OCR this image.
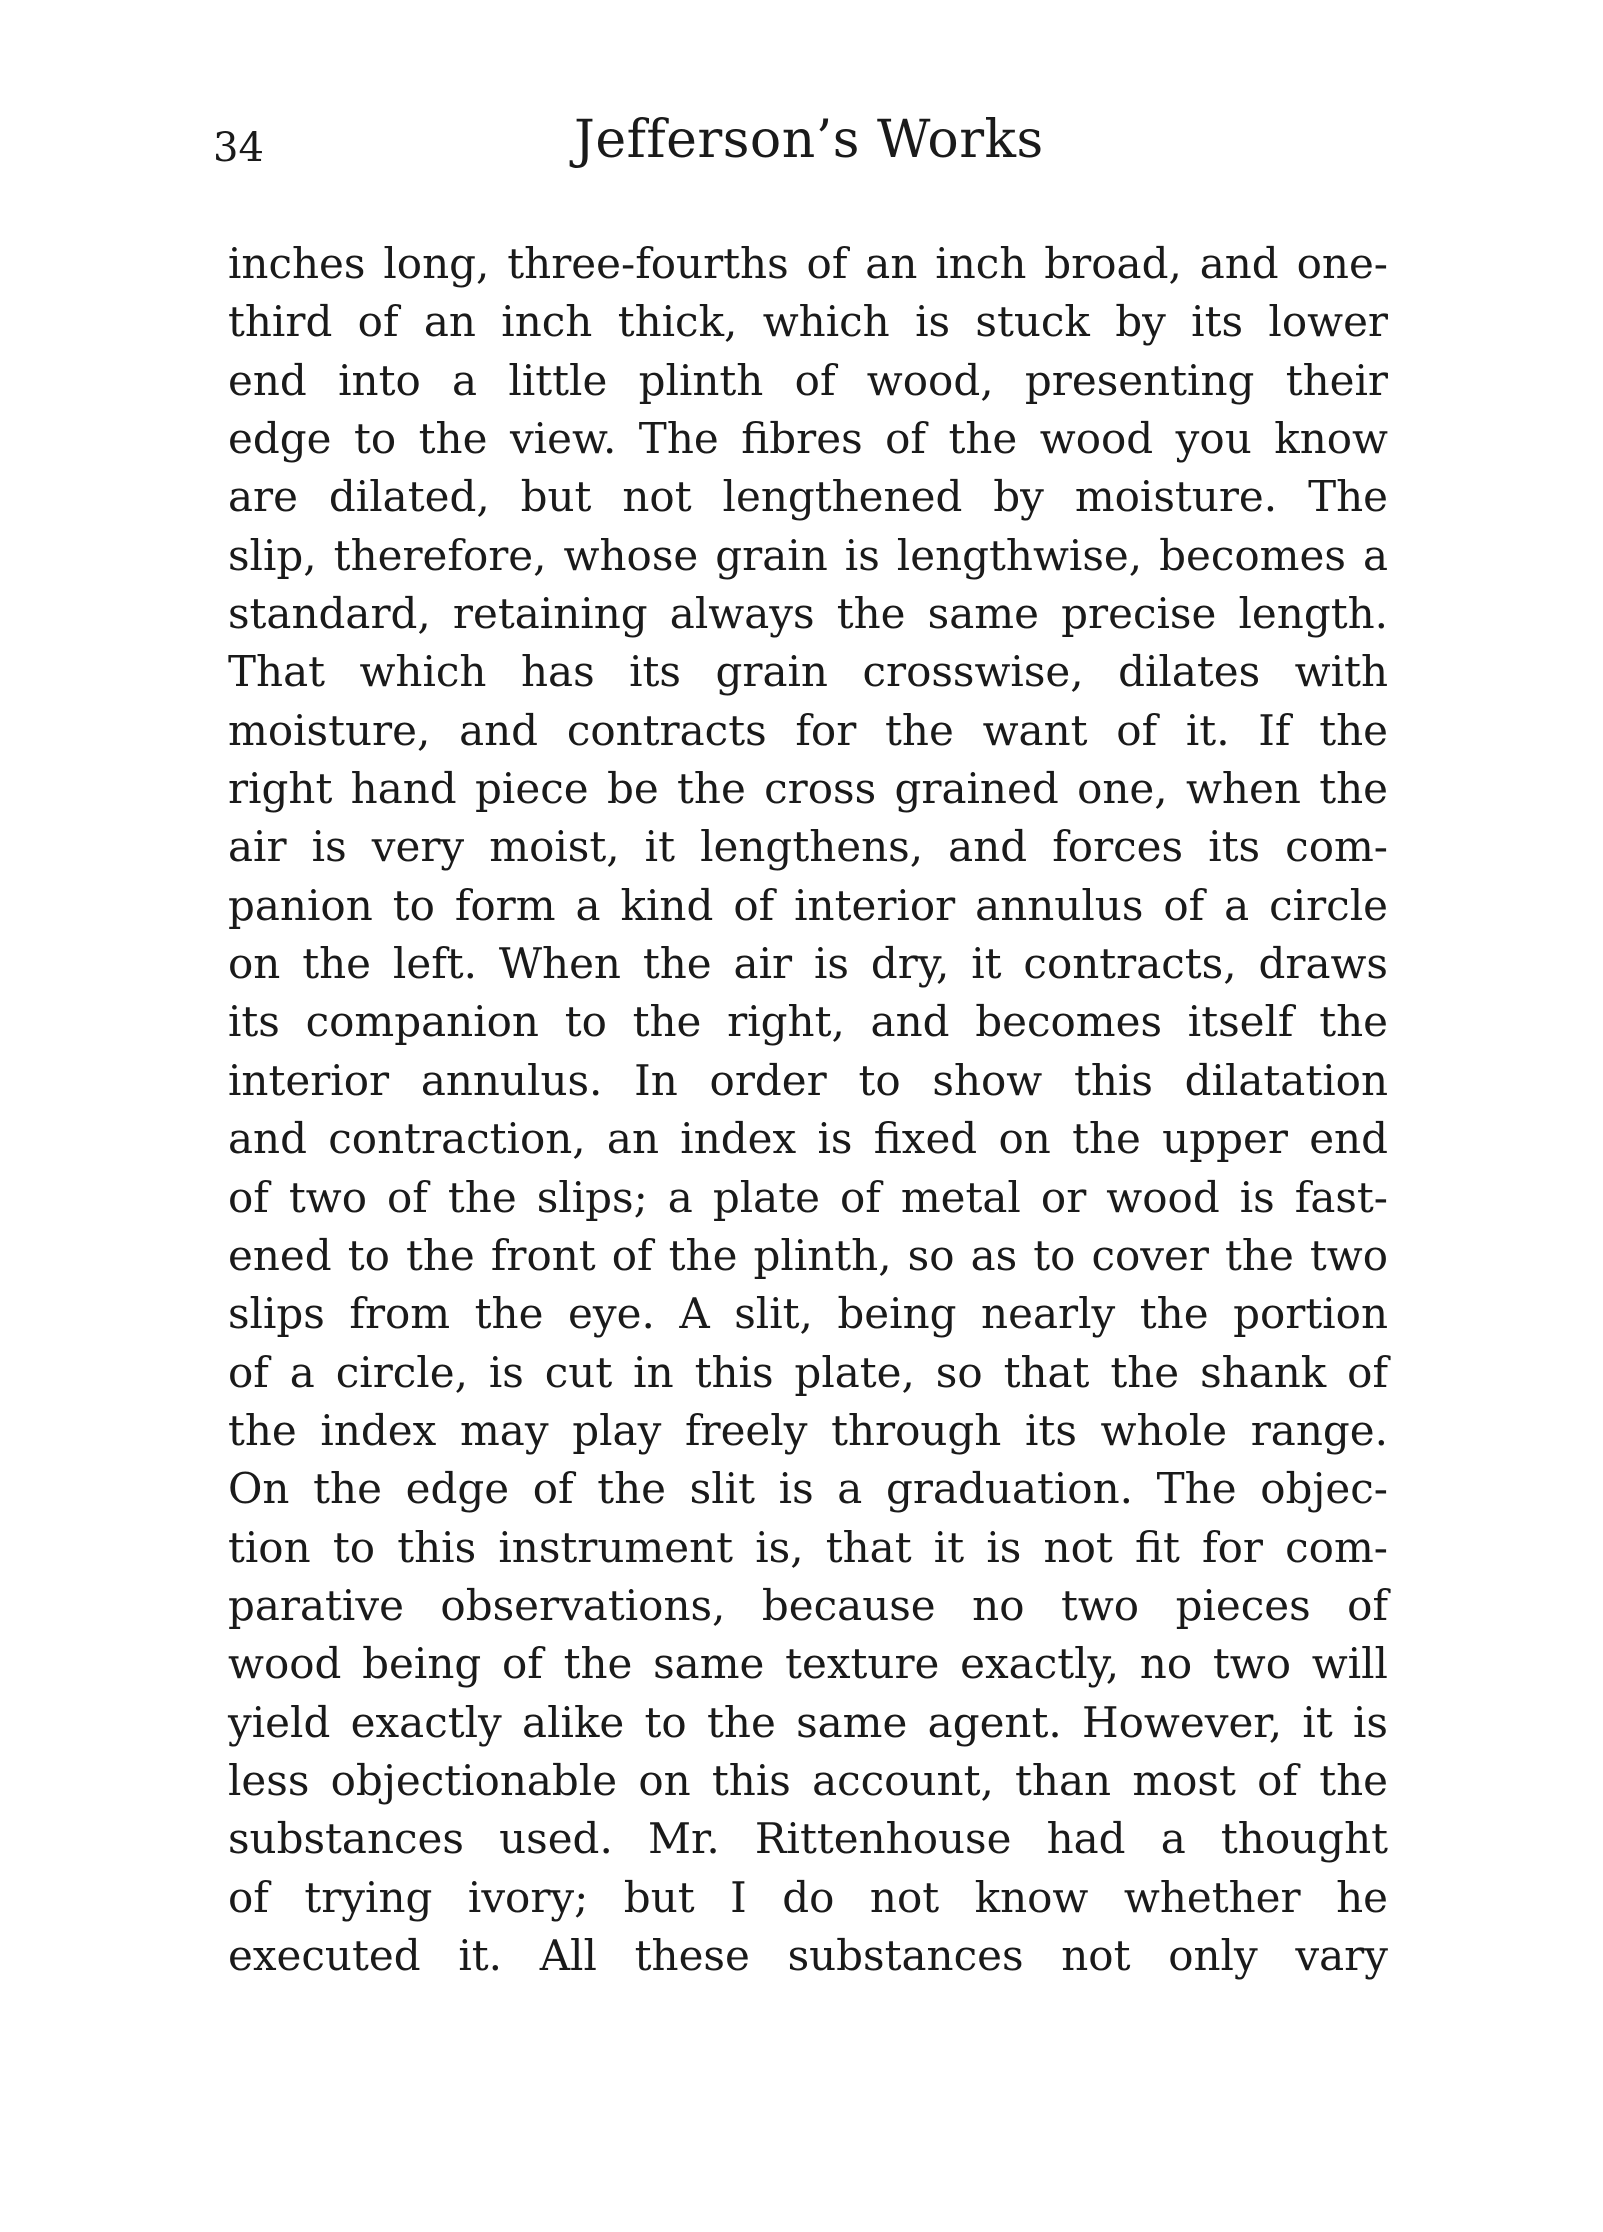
34	Jefferson’s Works
inches long, three-fourths of an inch broad, and one-
third of an inch thick, which is stuck by its lower
end into a little plinth of wood, presenting their
edge to the view. The fibres of the wood you know
are dilated, but not lengthened by moisture. The
slip, therefore, whose grain is lengthwise, becomes a
standard, retaining always the same precise length.
That which has its grain crosswise, dilates with
moisture, and contracts for the want of it. If the
right hand piece be the cross grained one, when the
air is very moist, it lengthens, and forces its com-
panion to form a kind of interior annulus of a circle
on the left. When the air is dry, it contracts, draws
its companion to the right, and becomes itself the
interior annulus. In order to show this dilatation
and contraction, an index is fixed on the upper end
of two of the slips; a plate of metal or wood is fast-
ened to the front of the plinth, so as to cover the two
slips from the eye. A slit, being nearly the portion
of a circle, is cut in this plate, so that the shank of
the index may play freely through its whole range.
On the edge of the slit is a graduation. The objec-
tion to this instrument is, that it is not fit for com-
parative observations, because no two pieces of
wood being of the same texture exactly, no two will
yield exactly alike to the same agent. However, it is
less objectionable on this account, than most of the
substances used. Mr. Rittenhouse had a thought
of trying ivory; but I do not know whether he
executed it. All these substances not only vary
